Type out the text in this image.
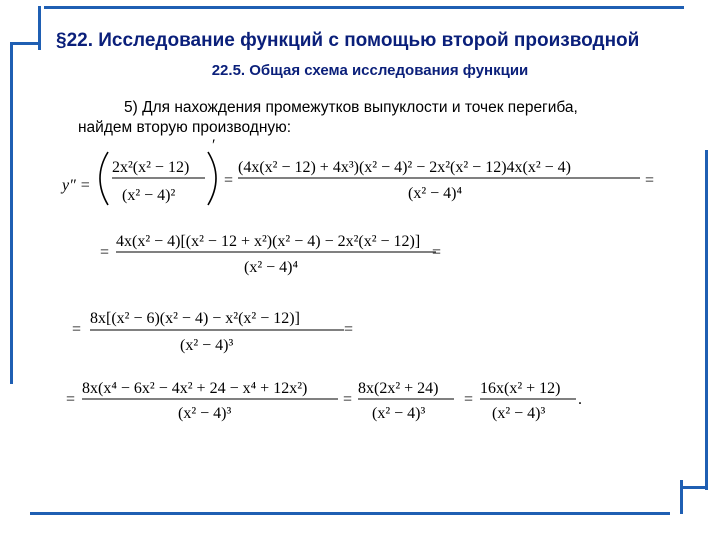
§22. Исследование функций с помощью второй производной
22.5. Общая схема исследования функции
5) Для нахождения промежутков выпуклости и точек перегиба,
найдем вторую производную:
y″ =
′
2x²(x² − 12)
(x² − 4)²
=
(4x(x² − 12) + 4x³)(x² − 4)² − 2x²(x² − 12)4x(x² − 4)
(x² − 4)⁴
=
=
4x(x² − 4)[(x² − 12 + x²)(x² − 4) − 2x²(x² − 12)]
(x² − 4)⁴
=
=
8x[(x² − 6)(x² − 4) − x²(x² − 12)]
(x² − 4)³
=
=
8x(x⁴ − 6x² − 4x² + 24 − x⁴ + 12x²)
(x² − 4)³
=
8x(2x² + 24)
(x² − 4)³
=
16x(x² + 12)
(x² − 4)³
.
